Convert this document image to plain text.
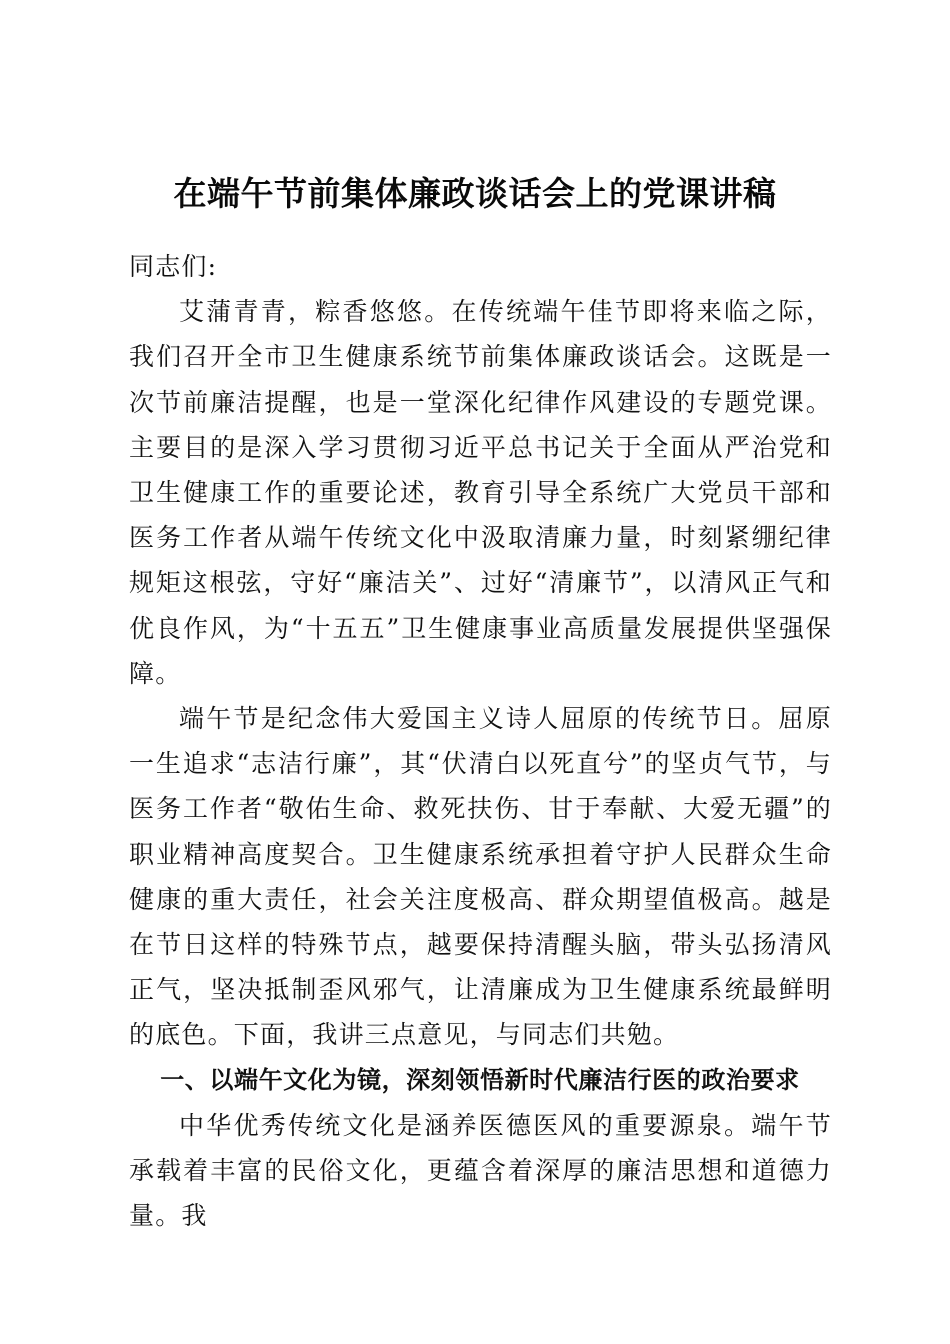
在端午节前集体廉政谈话会上的党课讲稿

同志们:

艾蒲青青，粽香悠悠。在传统端午佳节即将来临之际，我们召开全市卫生健康系统节前集体廉政谈话会。这既是一次节前廉洁提醒，也是一堂深化纪律作风建设的专题党课。主要目的是深入学习贯彻习近平总书记关于全面从严治党和卫生健康工作的重要论述，教育引导全系统广大党员干部和医务工作者从端午传统文化中汲取清廉力量，时刻紧绷纪律规矩这根弦，守好“廉洁关”、过好“清廉节”，以清风正气和优良作风，为“十五五”卫生健康事业高质量发展提供坚强保障。

端午节是纪念伟大爱国主义诗人屈原的传统节日。屈原一生追求“志洁行廉”，其“伏清白以死直兮”的坚贞气节，与医务工作者“敬佑生命、救死扶伤、甘于奉献、大爱无疆”的职业精神高度契合。卫生健康系统承担着守护人民群众生命健康的重大责任，社会关注度极高、群众期望值极高。越是在节日这样的特殊节点，越要保持清醒头脑，带头弘扬清风正气，坚决抵制歪风邪气，让清廉成为卫生健康系统最鲜明的底色。下面，我讲三点意见，与同志们共勉。

一、以端午文化为镜，深刻领悟新时代廉洁行医的政治要求

中华优秀传统文化是涵养医德医风的重要源泉。端午节承载着丰富的民俗文化，更蕴含着深厚的廉洁思想和道德力量。我
